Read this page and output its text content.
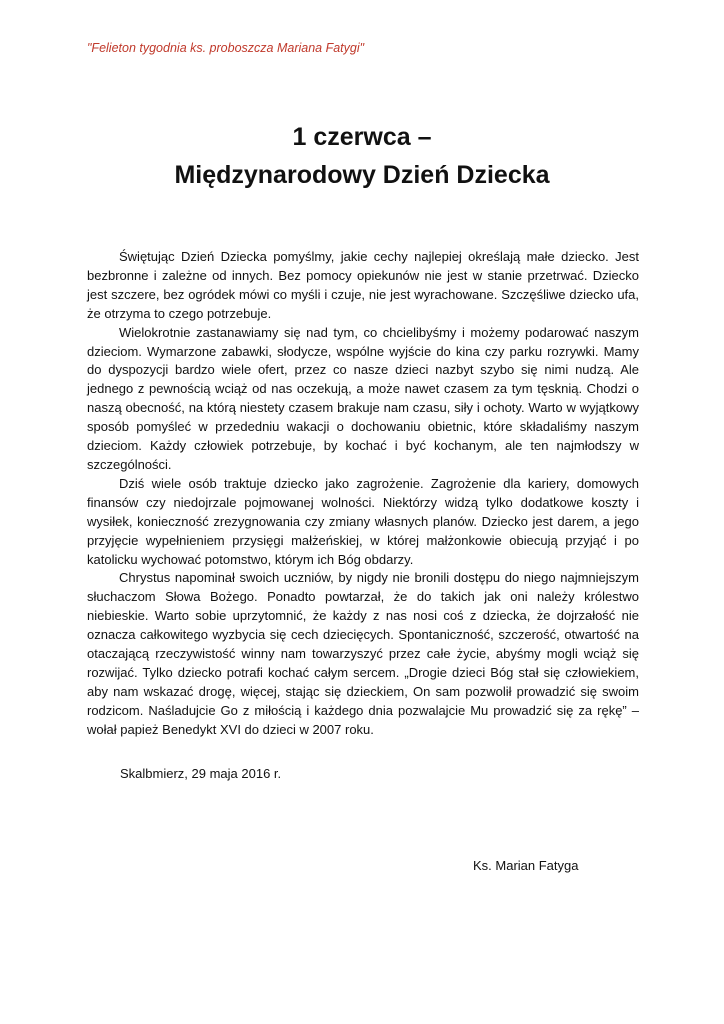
"Felieton tygodnia ks. proboszcza Mariana Fatygi"
1 czerwca –
Międzynarodowy Dzień Dziecka

Świętując Dzień Dziecka pomyślmy, jakie cechy najlepiej określają małe dziecko. Jest bezbronne i zależne od innych. Bez pomocy opiekunów nie jest w stanie przetrwać. Dziecko jest szczere, bez ogródek mówi co myśli i czuje, nie jest wyrachowane. Szczęśliwe dziecko ufa, że otrzyma to czego potrzebuje.

Wielokrotnie zastanawiamy się nad tym, co chcielibyśmy i możemy podarować naszym dzieciom. Wymarzone zabawki, słodycze, wspólne wyjście do kina czy parku rozrywki. Mamy do dyspozycji bardzo wiele ofert, przez co nasze dzieci nazbyt szybo się nimi nudzą. Ale jednego z pewnością wciąż od nas oczekują, a może nawet czasem za tym tęsknią. Chodzi o naszą obecność, na którą niestety czasem brakuje nam czasu, siły i ochoty. Warto w wyjątkowy sposób pomyśleć w przededniu wakacji o dochowaniu obietnic, które składaliśmy naszym dzieciom. Każdy człowiek potrzebuje, by kochać i być kochanym, ale ten najmłodszy w szczególności.

Dziś wiele osób traktuje dziecko jako zagrożenie. Zagrożenie dla kariery, domowych finansów czy niedojrzale pojmowanej wolności. Niektórzy widzą tylko dodatkowe koszty i wysiłek, konieczność zrezygnowania czy zmiany własnych planów. Dziecko jest darem, a jego przyjęcie wypełnieniem przysięgi małżeńskiej, w której małżonkowie obiecują przyjąć i po katolicku wychować potomstwo, którym ich Bóg obdarzy.

Chrystus napominał swoich uczniów, by nigdy nie bronili dostępu do niego najmniejszym słuchaczom Słowa Bożego. Ponadto powtarzał, że do takich jak oni należy królestwo niebieskie. Warto sobie uprzytomnić, że każdy z nas nosi coś z dziecka, że dojrzałość nie oznacza całkowitego wyzbycia się cech dziecięcych. Spontaniczność, szczerość, otwartość na otaczającą rzeczywistość winny nam towarzyszyć przez całe życie, abyśmy mogli wciąż się rozwijać. Tylko dziecko potrafi kochać całym sercem. „Drogie dzieci Bóg stał się człowiekiem, aby nam wskazać drogę, więcej, stając się dzieckiem, On sam pozwolił prowadzić się swoim rodzicom. Naśladujcie Go z miłością i każdego dnia pozwalajcie Mu prowadzić się za rękę” – wołał papież Benedykt XVI do dzieci w 2007 roku.

Skalbmierz, 29 maja 2016 r.
Ks. Marian Fatyga
